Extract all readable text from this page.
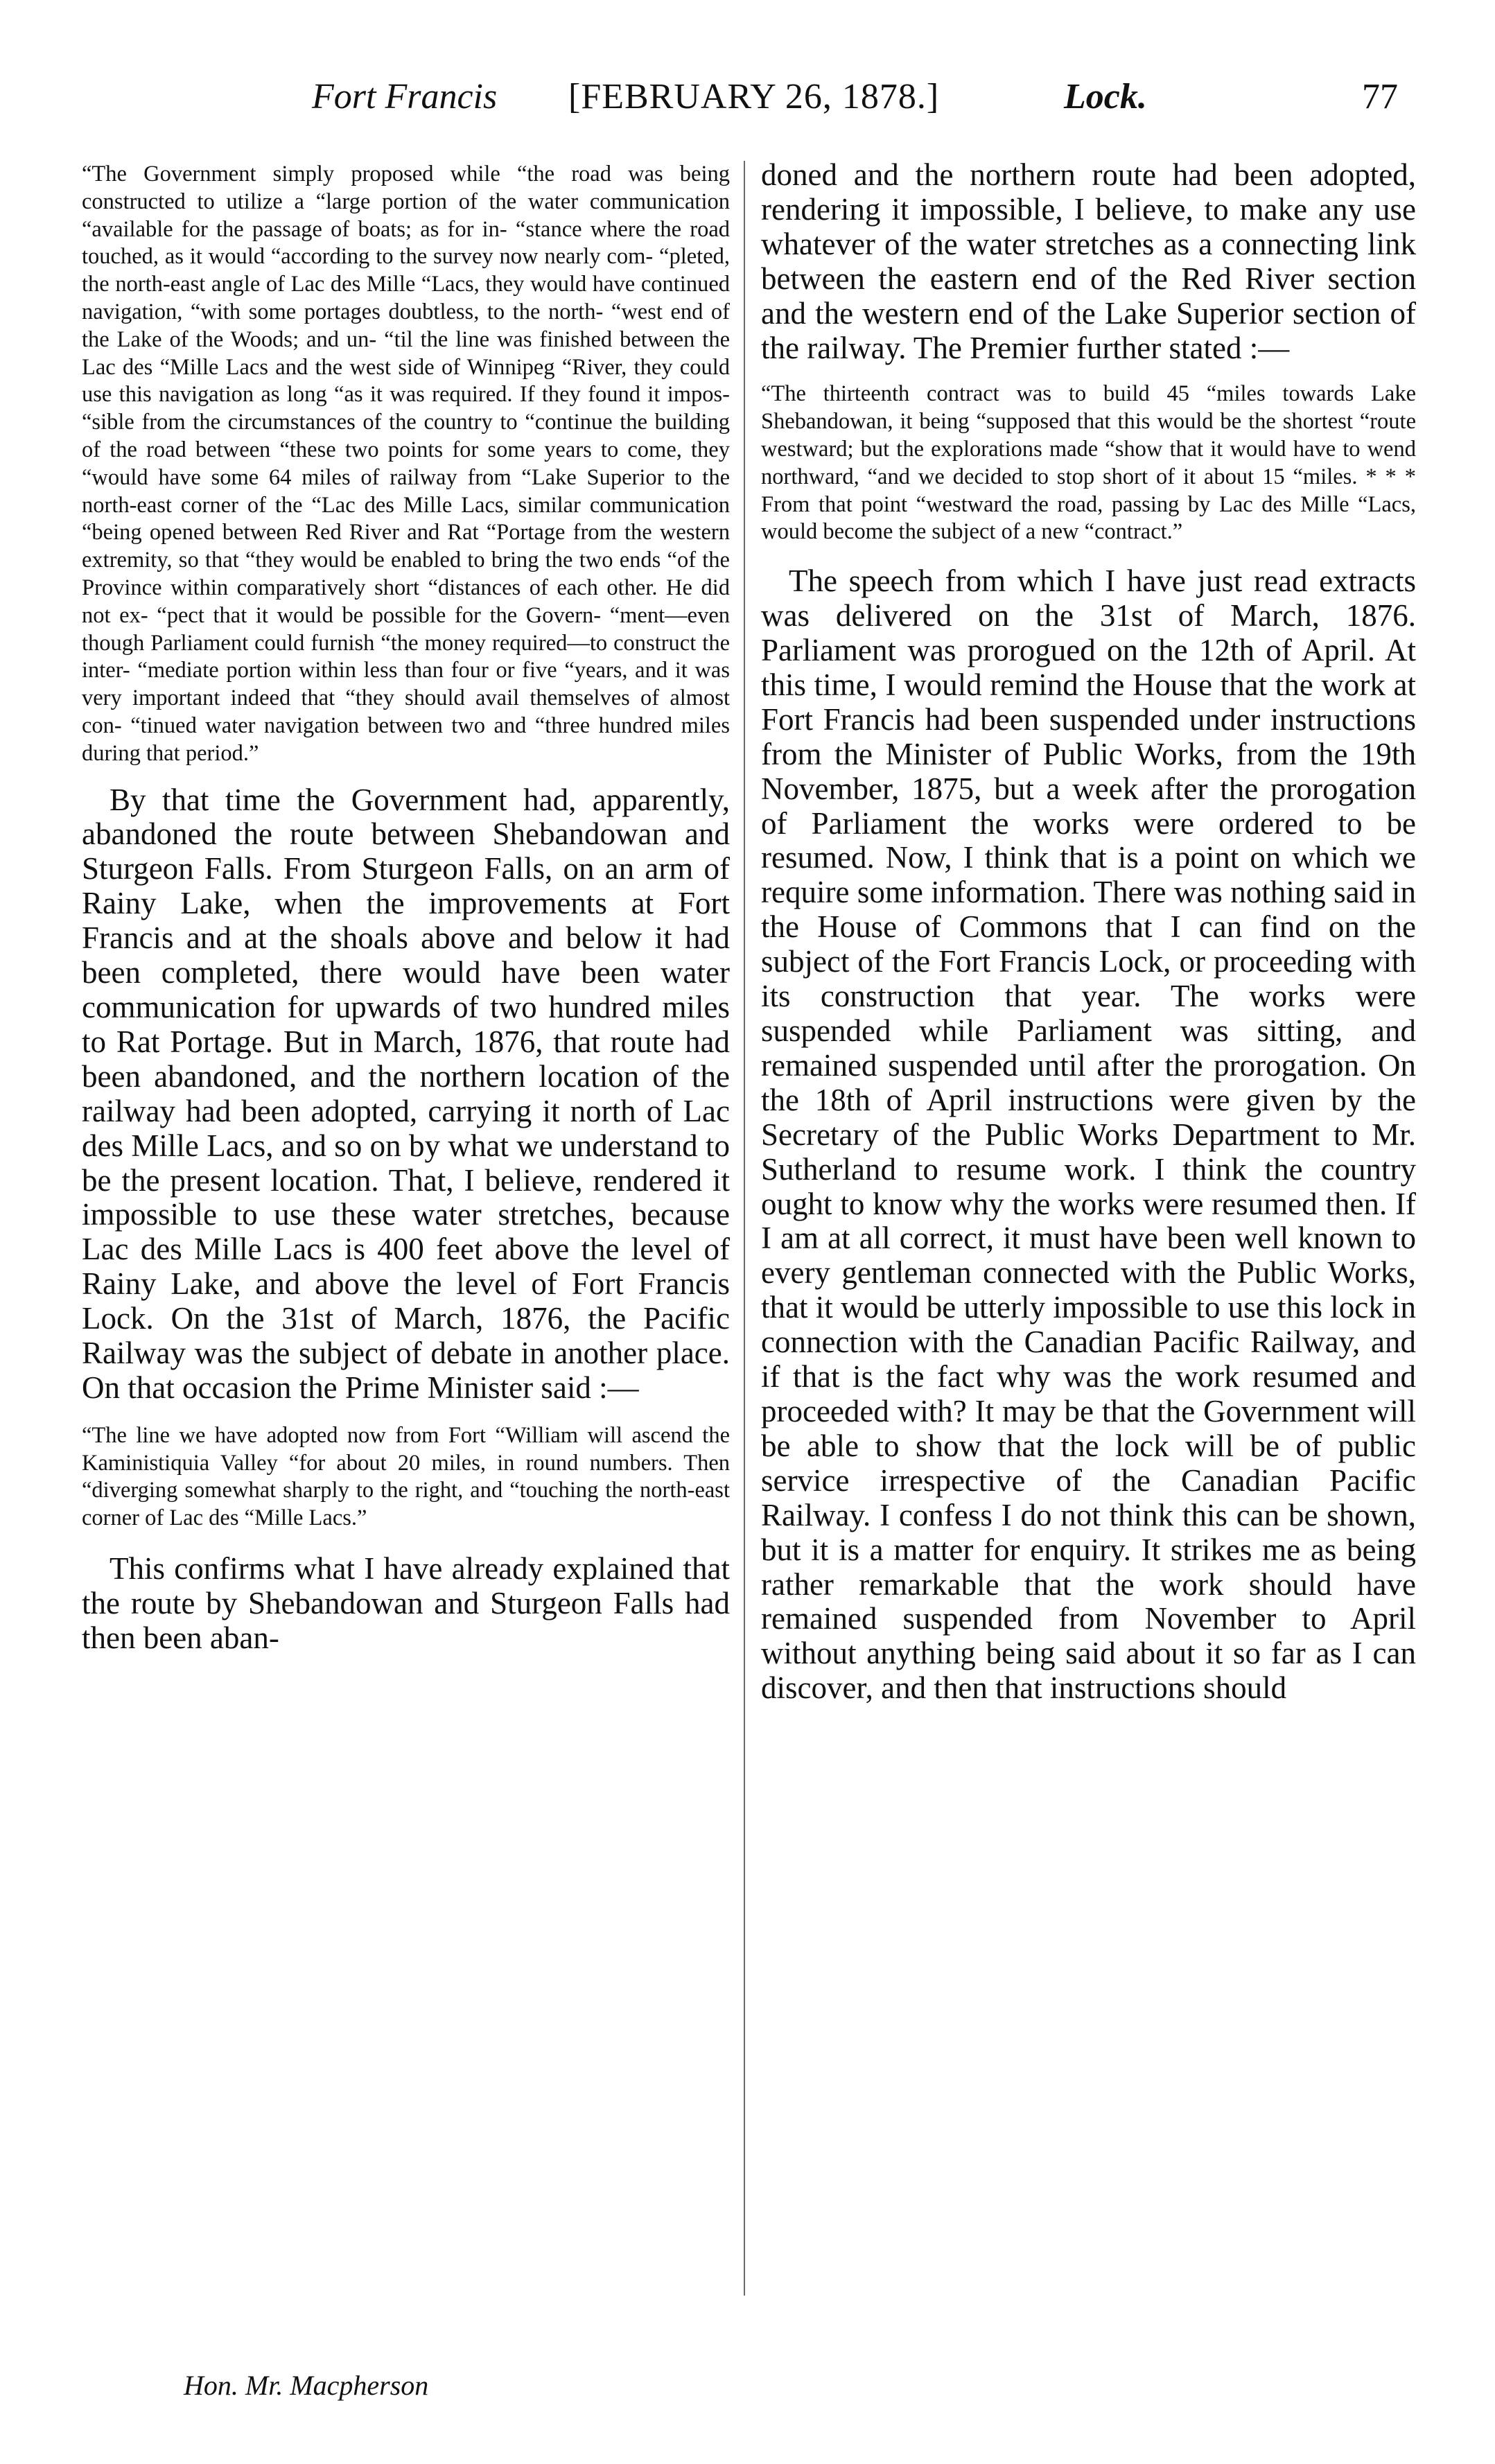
Fort Francis [FEBRUARY 26, 1878.]	Lock.	77

“The Government simply proposed while “the road was being constructed to utilize a “large portion of the water communication “available for the passage of boats; as for in- “stance where the road touched, as it would “according to the survey now nearly com- “pleted, the north-east angle of Lac des Mille “Lacs, they would have continued navigation, “with some portages doubtless, to the north- “west end of the Lake of the Woods; and un- “til the line was finished between the Lac des “Mille Lacs and the west side of Winnipeg “River, they could use this navigation as long “as it was required. If they found it impos- “sible from the circumstances of the country to “continue the building of the road between “these two points for some years to come, they “would have some 64 miles of railway from “Lake Superior to the north-east corner of the “Lac des Mille Lacs, similar communication “being opened between Red River and Rat “Portage from the western extremity, so that “they would be enabled to bring the two ends “of the Province within comparatively short “distances of each other. He did not ex- “pect that it would be possible for the Govern- “ment—even though Parliament could furnish “the money required—to construct the inter- “mediate portion within less than four or five “years, and it was very important indeed that “they should avail themselves of almost con- “tinued water navigation between two and “three hundred miles during that period.”

By that time the Government had, apparently, abandoned the route between Shebandowan and Sturgeon Falls. From Sturgeon Falls, on an arm of Rainy Lake, when the improvements at Fort Francis and at the shoals above and below it had been completed, there would have been water communication for upwards of two hundred miles to Rat Portage. But in March, 1876, that route had been abandoned, and the northern location of the railway had been adopted, carrying it north of Lac des Mille Lacs, and so on by what we understand to be the present location. That, I believe, rendered it impossible to use these water stretches, because Lac des Mille Lacs is 400 feet above the level of Rainy Lake, and above the level of Fort Francis Lock. On the 31st of March, 1876, the Pacific Railway was the subject of debate in another place. On that occasion the Prime Minister said :—

“The line we have adopted now from Fort “William will ascend the Kaministiquia Valley “for about 20 miles, in round numbers. Then “diverging somewhat sharply to the right, and “touching the north-east corner of Lac des “Mille Lacs.”

This confirms what I have already explained that the route by Shebandowan and Sturgeon Falls had then been aban-

doned and the northern route had been adopted, rendering it impossible, I believe, to make any use whatever of the water stretches as a connecting link between the eastern end of the Red River section and the western end of the Lake Superior section of the railway. The Premier further stated :—

“The thirteenth contract was to build 45 “miles towards Lake Shebandowan, it being “supposed that this would be the shortest “route westward; but the explorations made “show that it would have to wend northward, “and we decided to stop short of it about 15 “miles. * * * From that point “westward the road, passing by Lac des Mille “Lacs, would become the subject of a new “contract.”

The speech from which I have just read extracts was delivered on the 31st of March, 1876. Parliament was prorogued on the 12th of April. At this time, I would remind the House that the work at Fort Francis had been suspended under instructions from the Minister of Public Works, from the 19th November, 1875, but a week after the prorogation of Parliament the works were ordered to be resumed. Now, I think that is a point on which we require some information. There was nothing said in the House of Commons that I can find on the subject of the Fort Francis Lock, or proceeding with its construction that year. The works were suspended while Parliament was sitting, and remained suspended until after the prorogation. On the 18th of April instructions were given by the Secretary of the Public Works Department to Mr. Sutherland to resume work. I think the country ought to know why the works were resumed then. If I am at all correct, it must have been well known to every gentleman connected with the Public Works, that it would be utterly impossible to use this lock in connection with the Canadian Pacific Railway, and if that is the fact why was the work resumed and proceeded with? It may be that the Government will be able to show that the lock will be of public service irrespective of the Canadian Pacific Railway. I confess I do not think this can be shown, but it is a matter for enquiry. It strikes me as being rather remarkable that the work should have remained suspended from November to April without anything being said about it so far as I can discover, and then that instructions should

Hon. Mr. Macpherson
